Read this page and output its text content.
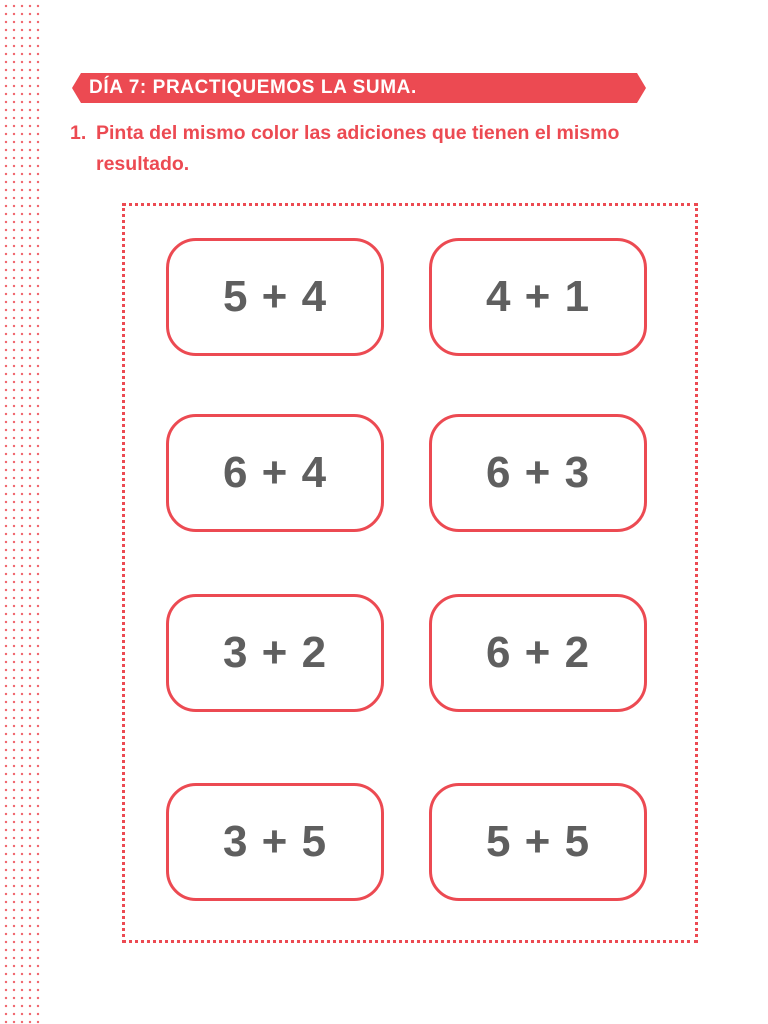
DÍA 7: PRACTIQUEMOS LA SUMA.
1. Pinta del mismo color las adiciones que tienen el mismo
resultado.
5 + 4	4 + 1
6 + 4	6 + 3
3 + 2	6 + 2
3 + 5	5 + 5
